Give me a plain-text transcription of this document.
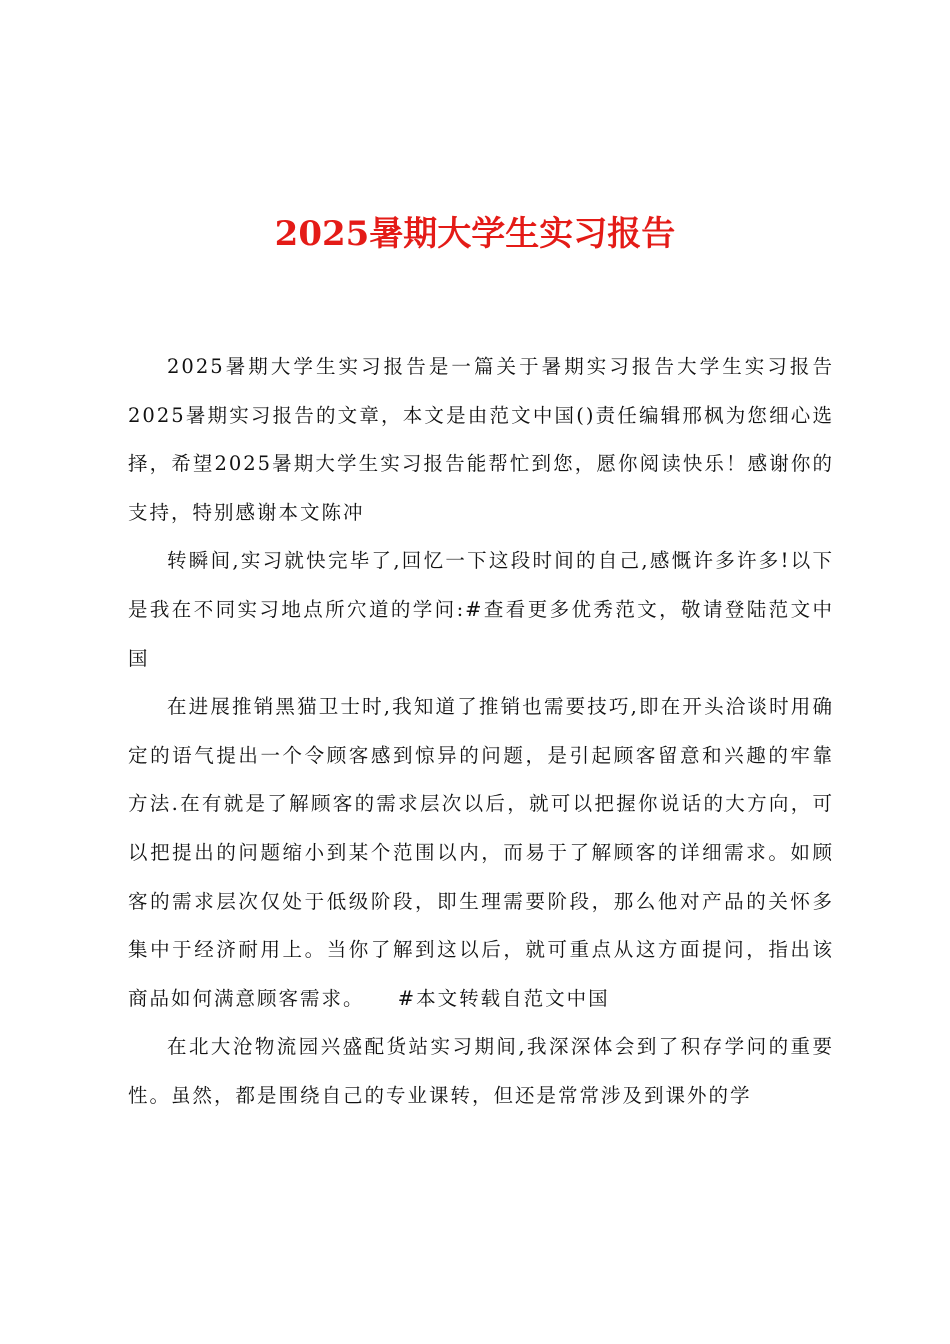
2025暑期大学生实习报告

2025暑期大学生实习报告是一篇关于暑期实习报告大学生实习报告2025暑期实习报告的文章，本文是由范文中国()责任编辑邢枫为您细心选择，希望2025暑期大学生实习报告能帮忙到您，愿你阅读快乐！感谢你的支持，特别感谢本文陈冲

转瞬间,实习就快完毕了,回忆一下这段时间的自己,感慨许多许多!以下是我在不同实习地点所穴道的学问:#查看更多优秀范文，敬请登陆范文中国

在进展推销黑猫卫士时,我知道了推销也需要技巧,即在开头洽谈时用确定的语气提出一个令顾客感到惊异的问题，是引起顾客留意和兴趣的牢靠方法.在有就是了解顾客的需求层次以后，就可以把握你说话的大方向，可以把提出的问题缩小到某个范围以内，而易于了解顾客的详细需求。如顾客的需求层次仅处于低级阶段，即生理需要阶段，那么他对产品的关怀多集中于经济耐用上。当你了解到这以后，就可重点从这方面提问，指出该商品如何满意顾客需求。　　#本文转载自范文中国

在北大沧物流园兴盛配货站实习期间,我深深体会到了积存学问的重要性。虽然，都是围绕自己的专业课转，但还是常常涉及到课外的学
